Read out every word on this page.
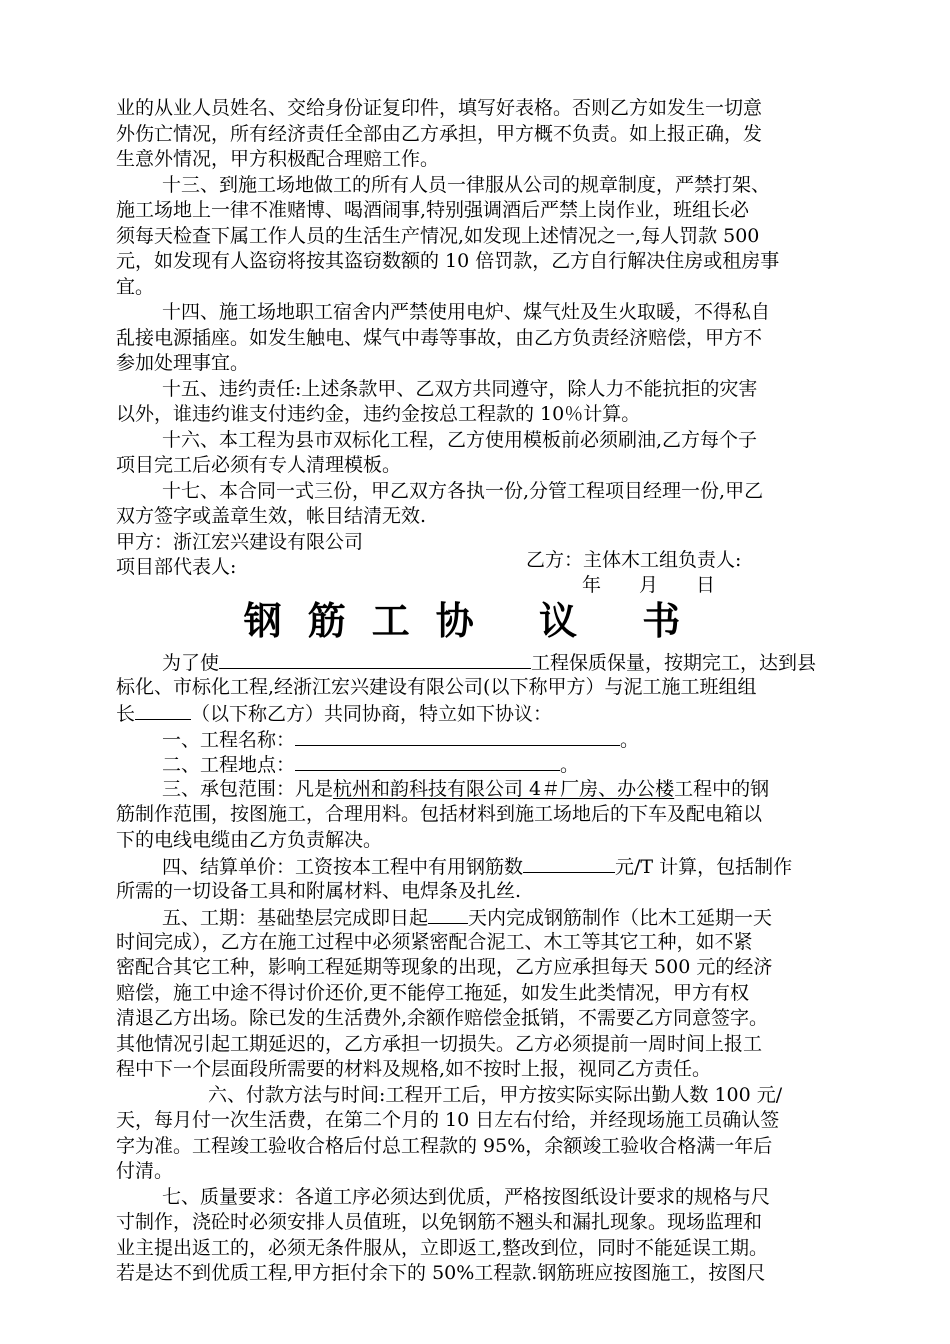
业的从业人员姓名、交给身份证复印件，填写好表格。否则乙方如发生一切意
外伤亡情况，所有经济责任全部由乙方承担，甲方概不负责。如上报正确，发
生意外情况，甲方积极配合理赔工作。
十三、到施工场地做工的所有人员一律服从公司的规章制度，严禁打架、
施工场地上一律不准赌博、喝酒闹事,特别强调酒后严禁上岗作业，班组长必
须每天检查下属工作人员的生活生产情况,如发现上述情况之一,每人罚款 500
元，如发现有人盗窃将按其盗窃数额的 10 倍罚款，乙方自行解决住房或租房事
宜。
十四、施工场地职工宿舍内严禁使用电炉、煤气灶及生火取暖，不得私自
乱接电源插座。如发生触电、煤气中毒等事故，由乙方负责经济赔偿，甲方不
参加处理事宜。
十五、违约责任:上述条款甲、乙双方共同遵守，除人力不能抗拒的灾害
以外，谁违约谁支付违约金，违约金按总工程款的 10％计算。
十六、本工程为县市双标化工程，乙方使用模板前必须刷油,乙方每个子
项目完工后必须有专人清理模板。
十七、本合同一式三份，甲乙双方各执一份,分管工程项目经理一份,甲乙
双方签字或盖章生效，帐目结清无效.
甲方：浙江宏兴建设有限公司
项目部代表人:	乙方：主体木工组负责人:
年　　月　　日
钢筋工协 议 书
为了使	工程保质保量，按期完工，达到县
标化、市标化工程,经浙江宏兴建设有限公司(以下称甲方）与泥工施工班组组
长	（以下称乙方）共同协商，特立如下协议：
一、工程名称：	。
二、工程地点：	。
三、承包范围：凡是杭州和韵科技有限公司 4＃厂房、办公楼工程中的钢
筋制作范围，按图施工，合理用料。包括材料到施工场地后的下车及配电箱以
下的电线电缆由乙方负责解决。
四、结算单价：工资按本工程中有用钢筋数	元/T 计算，包括制作
所需的一切设备工具和附属材料、电焊条及扎丝.
五、工期：基础垫层完成即日起 天内完成钢筋制作（比木工延期一天
时间完成），乙方在施工过程中必须紧密配合泥工、木工等其它工种，如不紧
密配合其它工种，影响工程延期等现象的出现，乙方应承担每天 500 元的经济
赔偿，施工中途不得讨价还价,更不能停工拖延，如发生此类情况，甲方有权
清退乙方出场。除已发的生活费外,余额作赔偿金抵销，不需要乙方同意签字。
其他情况引起工期延迟的，乙方承担一切损失。乙方必须提前一周时间上报工
程中下一个层面段所需要的材料及规格,如不按时上报，视同乙方责任。
六、付款方法与时间:工程开工后，甲方按实际实际出勤人数 100 元/
天，每月付一次生活费，在第二个月的 10 日左右付给，并经现场施工员确认签
字为准。工程竣工验收合格后付总工程款的 95%，余额竣工验收合格满一年后
付清。
七、质量要求：各道工序必须达到优质，严格按图纸设计要求的规格与尺
寸制作，浇砼时必须安排人员值班，以免钢筋不翘头和漏扎现象。现场监理和
业主提出返工的，必须无条件服从，立即返工,整改到位，同时不能延误工期。
若是达不到优质工程,甲方拒付余下的 50%工程款.钢筋班应按图施工，按图尺
